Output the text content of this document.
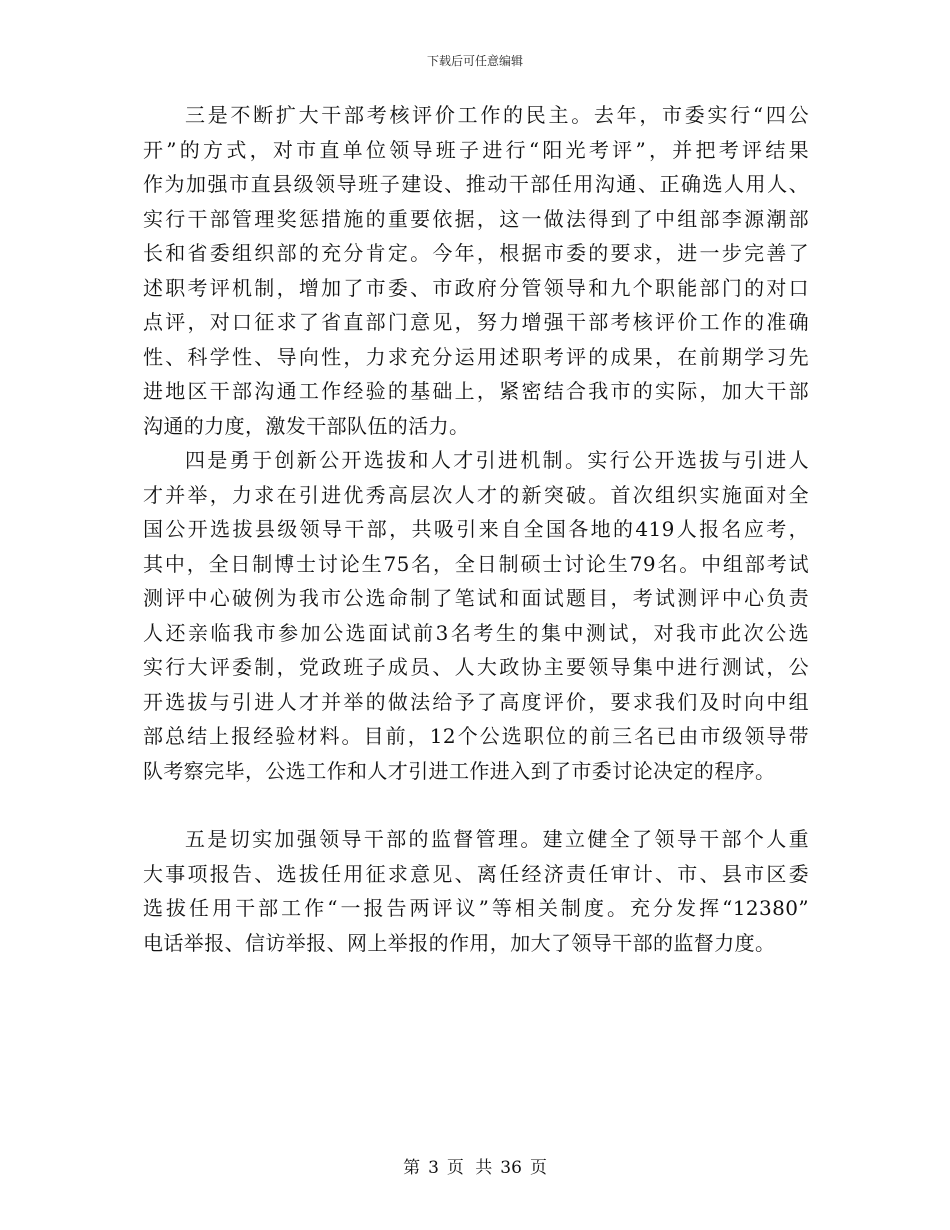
下载后可任意编辑
三是不断扩大干部考核评价工作的民主。去年，市委实行“四公
开”的方式，对市直单位领导班子进行“阳光考评”，并把考评结果
作为加强市直县级领导班子建设、推动干部任用沟通、正确选人用人、
实行干部管理奖惩措施的重要依据，这一做法得到了中组部李源潮部
长和省委组织部的充分肯定。今年，根据市委的要求，进一步完善了
述职考评机制，增加了市委、市政府分管领导和九个职能部门的对口
点评，对口征求了省直部门意见，努力增强干部考核评价工作的准确
性、科学性、导向性，力求充分运用述职考评的成果，在前期学习先
进地区干部沟通工作经验的基础上，紧密结合我市的实际，加大干部
沟通的力度，激发干部队伍的活力。
四是勇于创新公开选拔和人才引进机制。实行公开选拔与引进人
才并举，力求在引进优秀高层次人才的新突破。首次组织实施面对全
国公开选拔县级领导干部，共吸引来自全国各地的419人报名应考，
其中，全日制博士讨论生75名，全日制硕士讨论生79名。中组部考试
测评中心破例为我市公选命制了笔试和面试题目，考试测评中心负责
人还亲临我市参加公选面试前3名考生的集中测试，对我市此次公选
实行大评委制，党政班子成员、人大政协主要领导集中进行测试，公
开选拔与引进人才并举的做法给予了高度评价，要求我们及时向中组
部总结上报经验材料。目前，12个公选职位的前三名已由市级领导带
队考察完毕，公选工作和人才引进工作进入到了市委讨论决定的程序。
五是切实加强领导干部的监督管理。建立健全了领导干部个人重
大事项报告、选拔任用征求意见、离任经济责任审计、市、县市区委
选拔任用干部工作“一报告两评议”等相关制度。充分发挥“12380”
电话举报、信访举报、网上举报的作用，加大了领导干部的监督力度。
第 3 页 共 36 页
